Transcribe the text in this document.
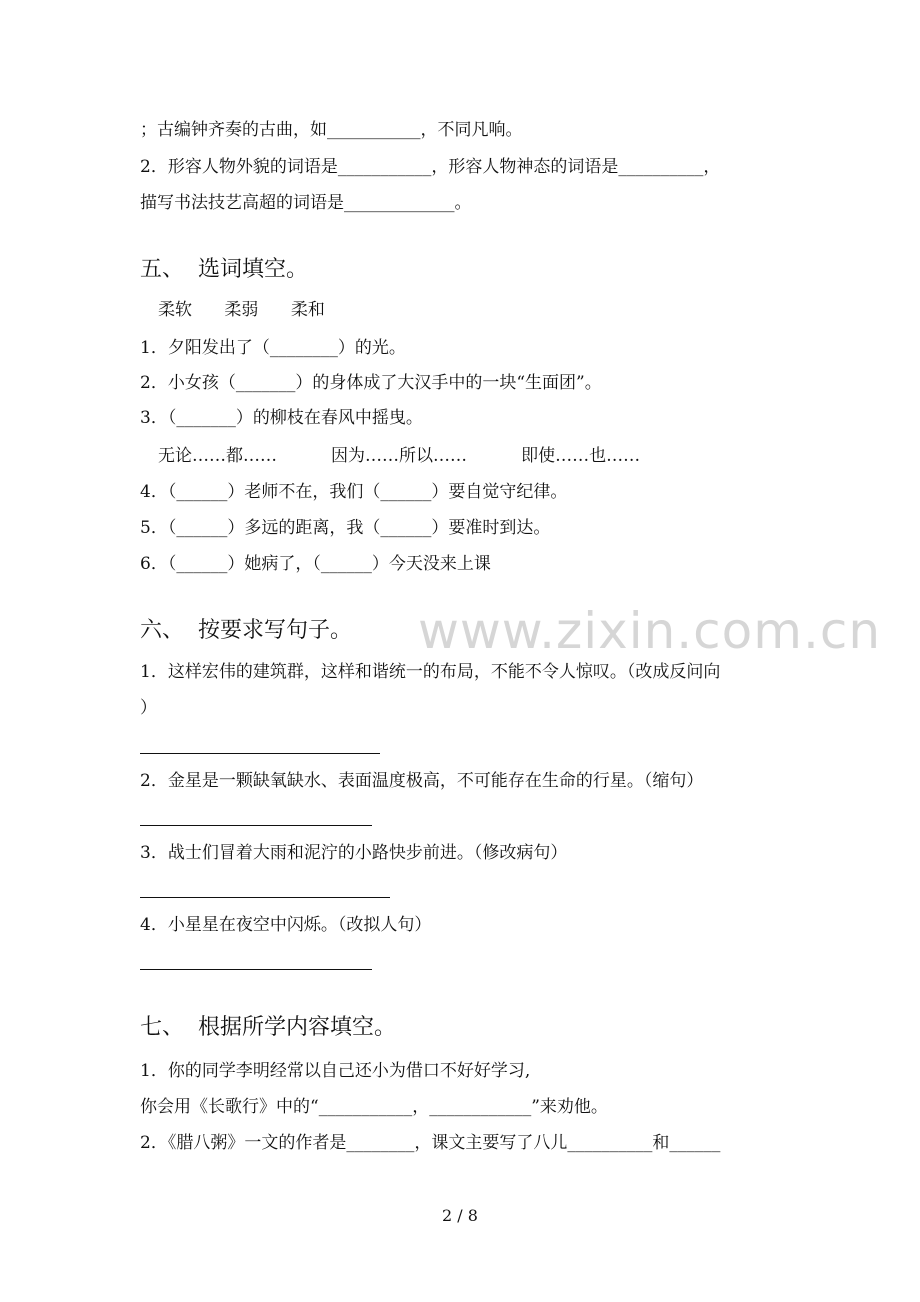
www.zixin.com.cn
；古编钟齐奏的古曲，如___________，不同凡响。
2．形容人物外貌的词语是___________，形容人物神态的词语是__________，
描写书法技艺高超的词语是_____________。
五、  选词填空。
柔软      柔弱      柔和
1．夕阳发出了（________）的光。
2．小女孩（_______）的身体成了大汉手中的一块“生面团”。
3．（_______）的柳枝在春风中摇曳。
无论……都……          因为……所以……          即使……也……
4．（______）老师不在，我们（______）要自觉守纪律。
5．（______）多远的距离，我（______）要准时到达。
6．（______）她病了，（______）今天没来上课
六、  按要求写句子。
1．这样宏伟的建筑群，这样和谐统一的布局，不能不令人惊叹。（改成反问向
）
2．金星是一颗缺氧缺水、表面温度极高，不可能存在生命的行星。（缩句）
3．战士们冒着大雨和泥泞的小路快步前进。（修改病句）
4．小星星在夜空中闪烁。（改拟人句）
七、  根据所学内容填空。
1．你的同学李明经常以自己还小为借口不好好学习,
你会用《长歌行》中的“___________，____________”来劝他。
2．《腊八粥》一文的作者是________，课文主要写了八儿__________和______
2 / 8
